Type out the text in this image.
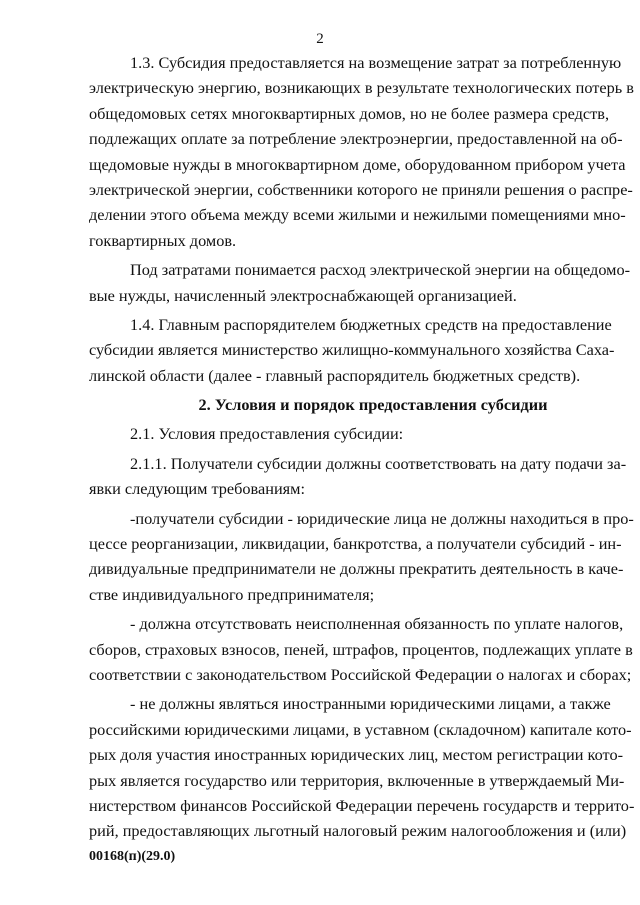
2
1.3. Субсидия предоставляется на возмещение затрат за потребленную
электрическую энергию, возникающих в результате технологических потерь в
общедомовых сетях многоквартирных домов, но не более размера средств,
подлежащих оплате за потребление электроэнергии, предоставленной на об-
щедомовые нужды в многоквартирном доме, оборудованном прибором учета
электрической энергии, собственники которого не приняли решения о распре-
делении этого объема между всеми жилыми и нежилыми помещениями мно-
гоквартирных домов.
Под затратами понимается расход электрической энергии на общедомо-
вые нужды, начисленный электроснабжающей организацией.
1.4. Главным распорядителем бюджетных средств на предоставление
субсидии является министерство жилищно-коммунального хозяйства Саха-
линской области (далее - главный распорядитель бюджетных средств).
2. Условия и порядок предоставления субсидии
2.1. Условия предоставления субсидии:
2.1.1. Получатели субсидии должны соответствовать на дату подачи за-
явки следующим требованиям:
-получатели субсидии - юридические лица не должны находиться в про-
цессе реорганизации, ликвидации, банкротства, а получатели субсидий - ин-
дивидуальные предприниматели не должны прекратить деятельность в каче-
стве индивидуального предпринимателя;
- должна отсутствовать неисполненная обязанность по уплате налогов,
сборов, страховых взносов, пеней, штрафов, процентов, подлежащих уплате в
соответствии с законодательством Российской Федерации о налогах и сборах;
- не должны являться иностранными юридическими лицами, а также
российскими юридическими лицами, в уставном (складочном) капитале кото-
рых доля участия иностранных юридических лиц, местом регистрации кото-
рых является государство или территория, включенные в утверждаемый Ми-
нистерством финансов Российской Федерации перечень государств и террито-
рий, предоставляющих льготный налоговый режим налогообложения и (или)
00168(п)(29.0)
